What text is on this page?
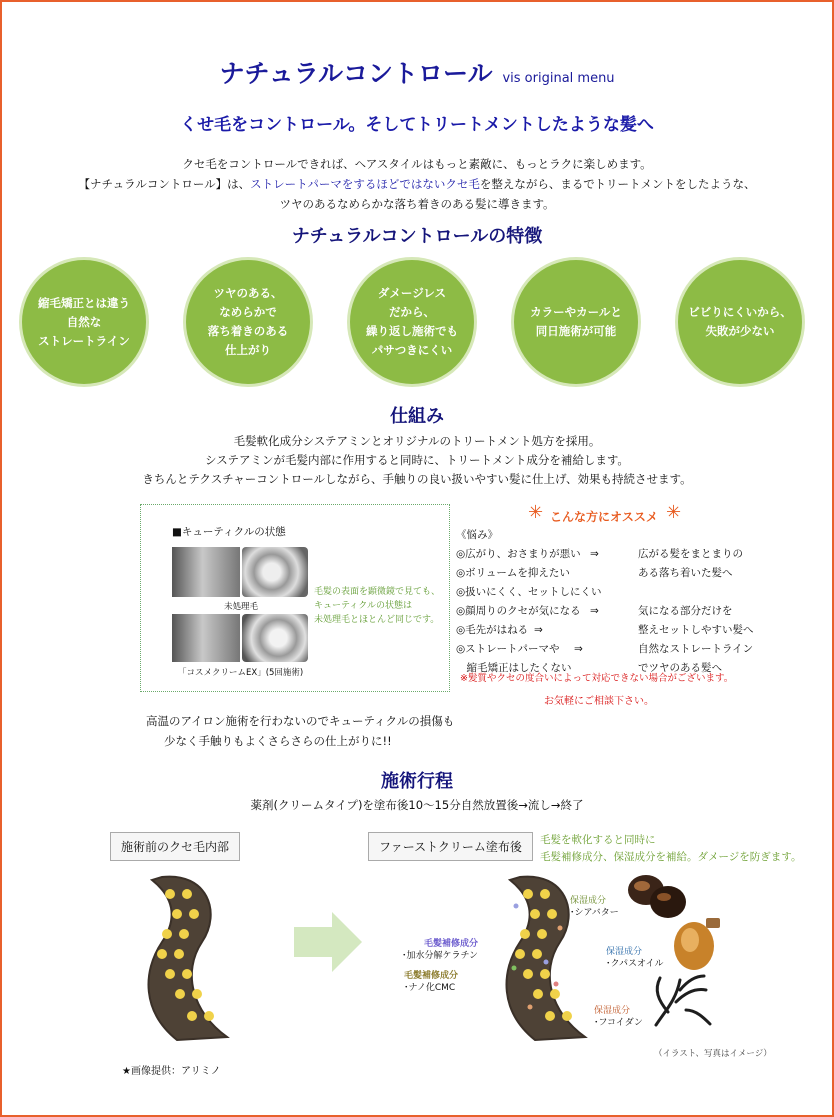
ナチュラルコントロール vis original menu
くせ毛をコントロール。そしてトリートメントしたような髪へ
クセ毛をコントロールできれば、ヘアスタイルはもっと素敵に、もっとラクに楽しめます。
【ナチュラルコントロール】は、ストレートパーマをするほどではないクセ毛を整えながら、まるでトリートメントをしたような、
ツヤのあるなめらかな落ち着きのある髪に導きます。
ナチュラルコントロールの特徴
縮毛矯正とは違う
自然な
ストレートライン
ツヤのある、
なめらかで
落ち着きのある
仕上がり
ダメージレス
だから、
繰り返し施術でも
パサつきにくい
カラーやカールと
同日施術が可能
ビビりにくいから、
失敗が少ない
仕組み
毛髪軟化成分システアミンとオリジナルのトリートメント処方を採用。
システアミンが毛髪内部に作用すると同時に、トリートメント成分を補給します。
きちんとテクスチャーコントロールしながら、手触りの良い扱いやすい髪に仕上げ、効果も持続させます。
■キューティクルの状態
未処理毛
「コスメクリームEX」(5回施術)
毛髪の表面を顕微鏡で見ても、
キューティクルの状態は
未処理毛とほとんど同じです。
✳ こんな方にオススメ ✳
《悩み》
◎広がり、おさまりが悪い ⇒	広がる髪をまとまりの
◎ボリュームを抑えたい	ある落ち着いた髪へ
◎扱いにくく、セットしにくい
◎顔周りのクセが気になる ⇒	気になる部分だけを
◎毛先がはねる ⇒	整えセットしやすい髪へ
◎ストレートパーマや ⇒	自然なストレートライン
　縮毛矯正はしたくない	でツヤのある髪へ
※髪質やクセの度合いによって対応できない場合がございます。
お気軽にご相談下さい。
高温のアイロン施術を行わないのでキューティクルの損傷も
少なく手触りもよくさらさらの仕上がりに!!
施術行程
薬剤(クリームタイプ)を塗布後10～15分自然放置後→流し→終了
施術前のクセ毛内部	ファーストクリーム塗布後	毛髪を軟化すると同時に
毛髪補修成分、保湿成分を補給。ダメージを防ぎます。
毛髪補修成分
･加水分解ケラチン
毛髪補修成分
･ナノ化CMC
保湿成分
･シアバター
保湿成分
･クパスオイル
保湿成分
･フコイダン
（イラスト、写真はイメージ）
★画像提供：アリミノ
